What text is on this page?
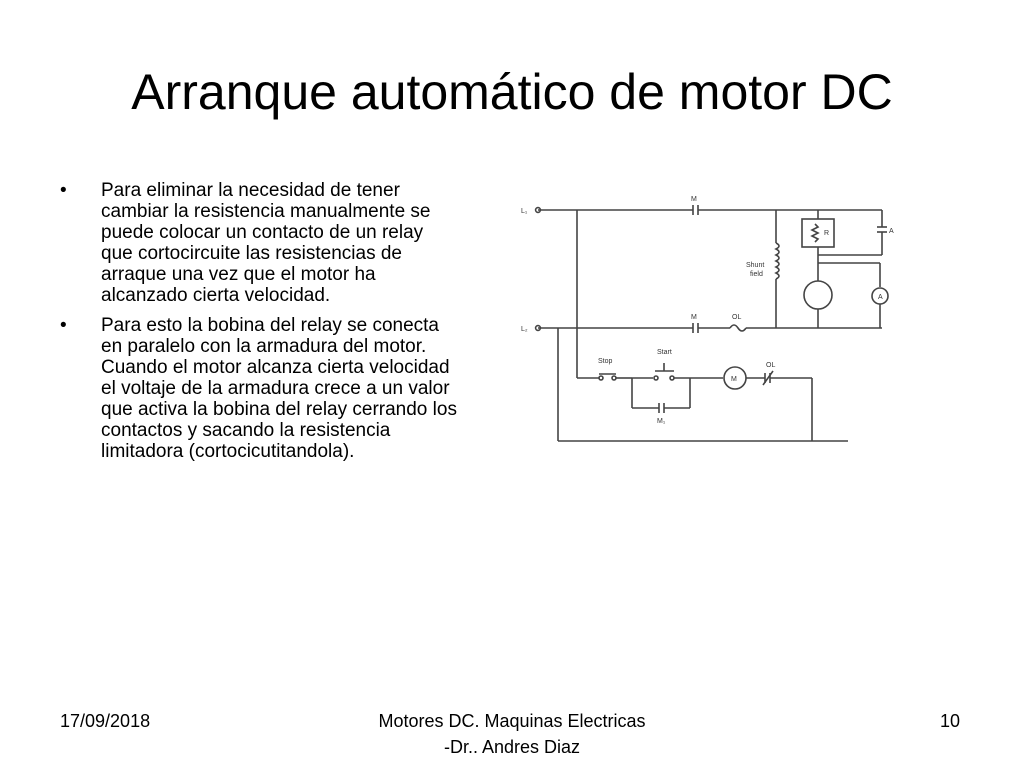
Arranque automático de motor DC
• Para eliminar la necesidad de tener cambiar la resistencia manualmente se puede colocar un contacto de un relay que cortocircuite las resistencias de arraque una vez que el motor ha alcanzado cierta velocidad.
• Para esto la bobina del relay se conecta en paralelo con la armadura del motor. Cuando el motor alcanza cierta velocidad el voltaje de la armadura crece a un valor que activa la bobina del relay cerrando los contactos y sacando la resistencia limitadora (cortocicutitandola).
L₁
L₂
M
M	OL
Shunt
field
R	A
A
Stop
Start
M
OL
M₁
17/09/2018	Motores DC. Maquinas Electricas
-Dr.. Andres Diaz
10
